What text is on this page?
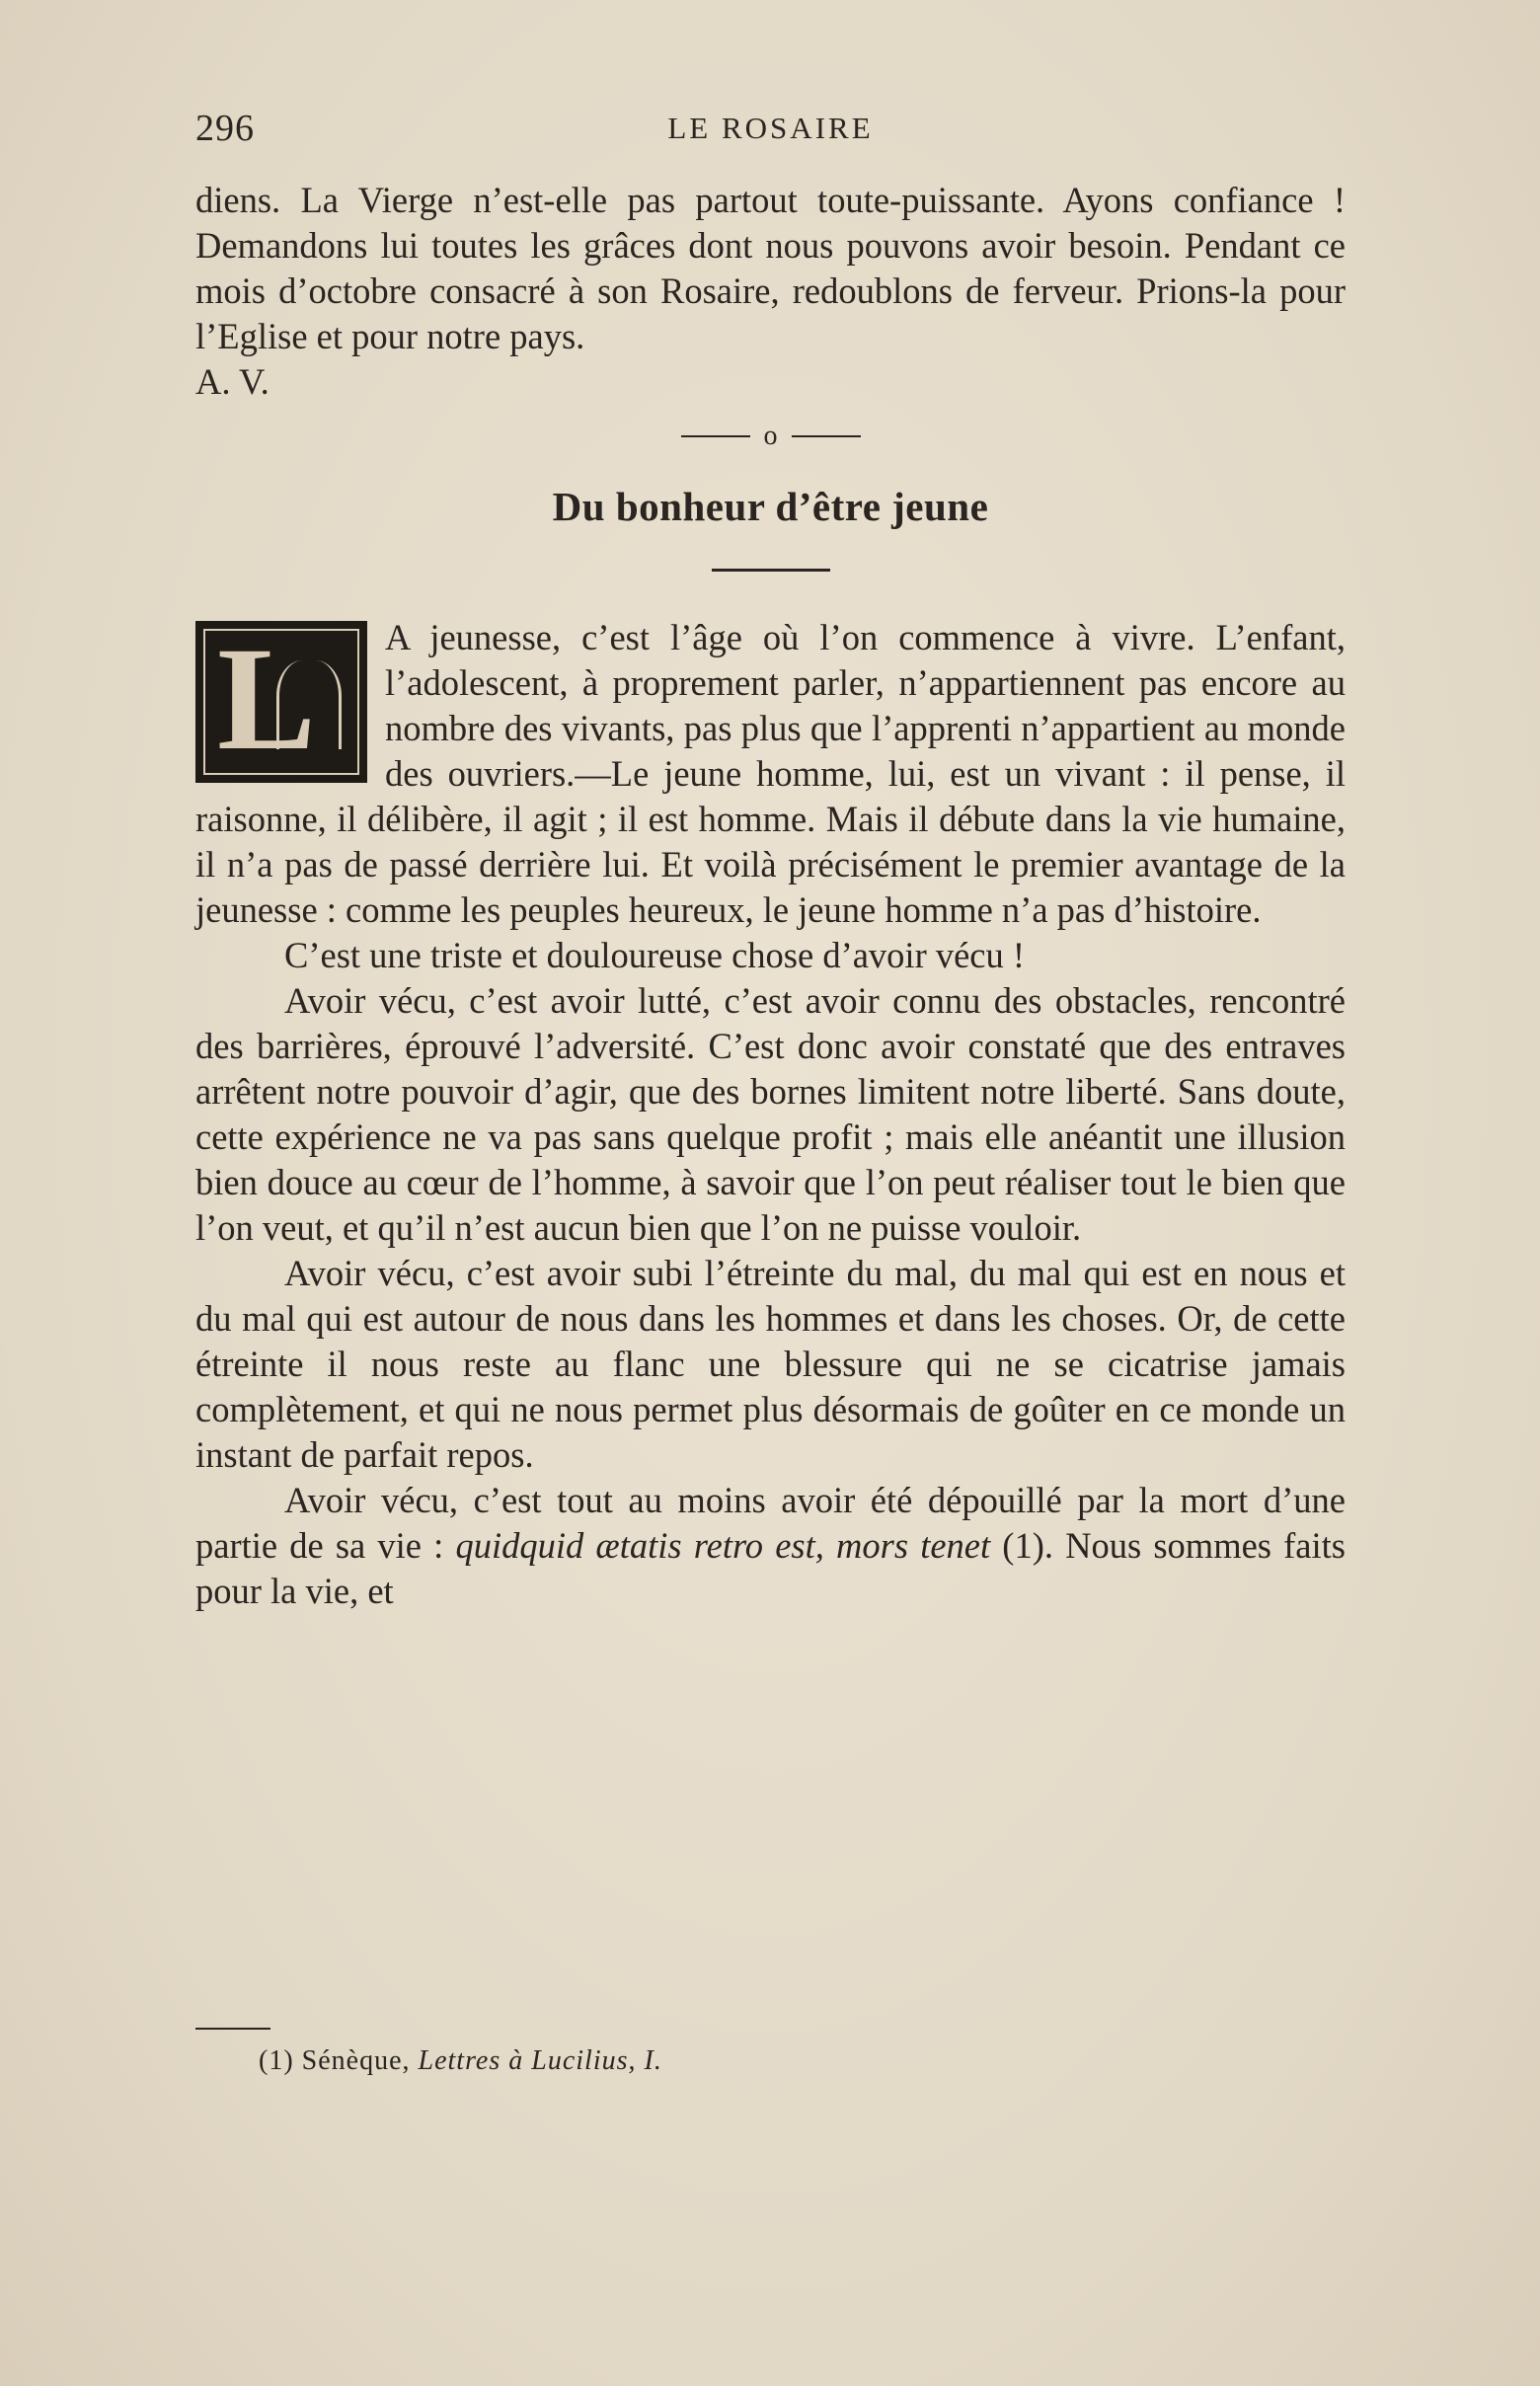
296	LE ROSAIRE

diens. La Vierge n’est-elle pas partout toute-puissante. Ayons confiance ! Demandons lui toutes les grâces dont nous pouvons avoir besoin. Pendant ce mois d’octobre consacré à son Rosaire, redoublons de ferveur. Prions-la pour l’Eglise et pour notre pays.

A. V.

o
Du bonheur d’être jeune

L A jeunesse, c’est l’âge où l’on commence à vivre. L’enfant, l’adolescent, à proprement parler, n’appartiennent pas encore au nombre des vivants, pas plus que l’apprenti n’appartient au monde des ouvriers.—Le jeune homme, lui, est un vivant : il pense, il raisonne, il délibère, il agit ; il est homme. Mais il débute dans la vie humaine, il n’a pas de passé derrière lui. Et voilà précisément le premier avantage de la jeunesse : comme les peuples heureux, le jeune homme n’a pas d’histoire.

C’est une triste et douloureuse chose d’avoir vécu !

Avoir vécu, c’est avoir lutté, c’est avoir connu des obstacles, rencontré des barrières, éprouvé l’adversité. C’est donc avoir constaté que des entraves arrêtent notre pouvoir d’agir, que des bornes limitent notre liberté. Sans doute, cette expérience ne va pas sans quelque profit ; mais elle anéantit une illusion bien douce au cœur de l’homme, à savoir que l’on peut réaliser tout le bien que l’on veut, et qu’il n’est aucun bien que l’on ne puisse vouloir.

Avoir vécu, c’est avoir subi l’étreinte du mal, du mal qui est en nous et du mal qui est autour de nous dans les hommes et dans les choses. Or, de cette étreinte il nous reste au flanc une blessure qui ne se cicatrise jamais complètement, et qui ne nous permet plus désormais de goûter en ce monde un instant de parfait repos.

Avoir vécu, c’est tout au moins avoir été dépouillé par la mort d’une partie de sa vie : quidquid ætatis retro est, mors tenet (1). Nous sommes faits pour la vie, et

(1) Sénèque, Lettres à Lucilius, I.
